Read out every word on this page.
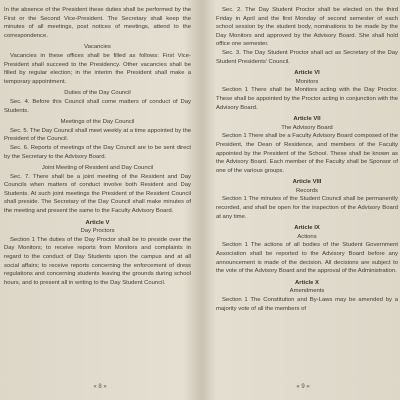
In the absence of the President these duties shall be performed by the First or the Second Vice-President. The Secretary shall keep the minutes of all meetings, post notices of meetings, attend to the correspondence.

Vacancies

Vacancies in these offices shall be filled as follows: First Vice-President shall succeed to the Presidency. Other vacancies shall be filled by regular election; in the interim the President shall make a temporary appointment.

Duties of the Day Council

Sec. 4. Before this Council shall come matters of conduct of Day Students.

Meetings of the Day Council

Sec. 5. The Day Council shall meet weekly at a time appointed by the President of the Council.

Sec. 6. Reports of meetings of the Day Council are to be sent direct by the Secretary to the Advisory Board.

Joint Meeting of Resident and Day Council

Sec. 7. There shall be a joint meeting of the Resident and Day Councils when matters of conduct involve both Resident and Day Students. At such joint meetings the President of the Resident Council shall preside. The Secretary of the Day Council shall make minutes of the meeting and present the same to the Faculty Advisory Board.

Article V
Day Proctors

Section 1 The duties of the Day Proctor shall be to preside over the Day Monitors; to receive reports from Monitors and complaints in regard to the conduct of Day Students upon the campus and at all social affairs; to receive reports concerning the enforcement of dress regulations and concerning students leaving the grounds during school hours, and to present all in writing to the Day Student Council.

« 8 »

Sec. 2. The Day Student Proctor shall be elected on the third Friday in April and the first Monday of second semester of each school session by the student body, nominations to be made by the Day Monitors and approved by the Advisory Board. She shall hold office one semester.

Sec. 3. The Day Student Proctor shall act as Secretary of the Day Student Presidents' Council.

Article VI
Monitors

Section 1 There shall be Monitors acting with the Day Proctor. These shall be appointed by the Proctor acting in conjunction with the Advisory Board.

Article VII
The Advisory Board

Section 1 There shall be a Faculty Advisory Board composed of the President, the Dean of Residence, and members of the Faculty appointed by the President of the School. These shall be known as the Advisory Board. Each member of the Faculty shall be Sponsor of one of the various groups.

Article VIII
Records

Section 1 The minutes of the Student Council shall be permanently recorded, and shall be open for the inspection of the Advisory Board at any time.

Article IX
Actions

Section 1 The actions of all bodies of the Student Government Association shall be reported to the Advisory Board before any announcement is made of the decision. All decisions are subject to the vote of the Advisory Board and the approval of the Administration.

Article X
Amendments

Section 1 The Constitution and By-Laws may be amended by a majority vote of all the members of

« 9 »
